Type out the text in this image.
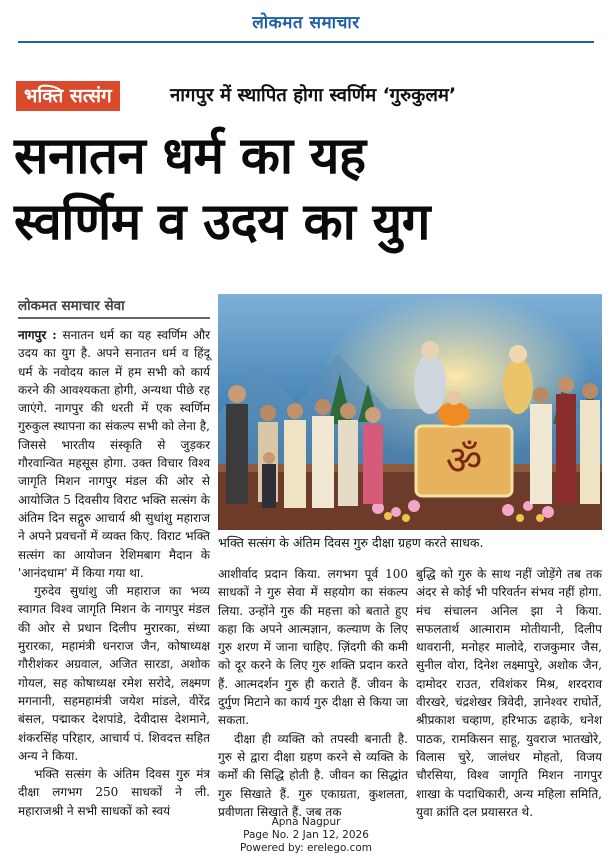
लोकमत समाचार
भक्ति सत्संग	नागपुर में स्थापित होगा स्वर्णिम ‘गुरुकुलम’
सनातन धर्म का यह
स्वर्णिम व उदय का युग
लोकमत समाचार सेवा

नागपुर : सनातन धर्म का यह स्वर्णिम और उदय का युग है. अपने सनातन धर्म व हिंदू धर्म के नवोदय काल में हम सभी को कार्य करने की आवश्यकता होगी, अन्यथा पीछे रह जाएंगे. नागपुर की धरती में एक स्वर्णिम गुरुकुल स्थापना का संकल्प सभी को लेना है, जिससे भारतीय संस्कृति से जुड़कर गौरवान्वित महसूस होगा. उक्त विचार विश्व जागृति मिशन नागपुर मंडल की ओर से आयोजित 5 दिवसीय विराट भक्ति सत्संग के अंतिम दिन सद्गुरु आचार्य श्री सुधांशु महाराज ने अपने प्रवचनों में व्यक्त किए. विराट भक्ति सत्संग का आयोजन रेशिमबाग मैदान के 'आनंदधाम' में किया गया था.

गुरुदेव सुधांशु जी महाराज का भव्य स्वागत विश्व जागृति मिशन के नागपुर मंडल की ओर से प्रधान दिलीप मुरारका, संध्या मुरारका, महामंत्री धनराज जैन, कोषाध्यक्ष गौरीशंकर अग्रवाल, अजित सारडा, अशोक गोयल, सह कोषाध्यक्ष रमेश सरोदे, लक्ष्मण मगनानी, सहमहामंत्री जयेश मांडले, वीरेंद्र बंसल, पद्माकर देशपांडे, देवीदास देशमाने, शंकरसिंह परिहार, आचार्य पं. शिवदत्त सहित अन्य ने किया.

भक्ति सत्संग के अंतिम दिवस गुरु मंत्र दीक्षा लगभग 250 साधकों ने ली. महाराजश्री ने सभी साधकों को स्वयं

ॐ
भक्ति सत्संग के अंतिम दिवस गुरु दीक्षा ग्रहण करते साधक.

आशीर्वाद प्रदान किया. लगभग पूर्व 100 साधकों ने गुरु सेवा में सहयोग का संकल्प लिया. उन्होंने गुरु की महत्ता को बताते हुए कहा कि अपने आत्मज्ञान, कल्याण के लिए गुरु शरण में जाना चाहिए. ज़िंदगी की कमी को दूर करने के लिए गुरु शक्ति प्रदान करते हैं. आत्मदर्शन गुरु ही कराते हैं. जीवन के दुर्गुण मिटाने का कार्य गुरु दीक्षा से किया जा सकता.

दीक्षा ही व्यक्ति को तपस्वी बनाती है. गुरु से द्वारा दीक्षा ग्रहण करने से व्यक्ति के कर्मों की सिद्धि होती है. जीवन का सिद्धांत गुरु सिखाते हैं. गुरु एकाग्रता, कुशलता, प्रवीणता सिखाते हैं. जब तक

बुद्धि को गुरु के साथ नहीं जोड़ेंगे तब तक अंदर से कोई भी परिवर्तन संभव नहीं होगा. मंच संचालन अनिल झा ने किया. सफलतार्थ आत्माराम मोतीयानी, दिलीप थावरानी, मनोहर मालोदे, राजकुमार जैस, सुनील वोरा, दिनेश लक्ष्मापुरे, अशोक जैन, दामोदर राउत, रविशंकर मिश्र, शरदराव वीरखरे, चंद्रशेखर त्रिवेदी, ज्ञानेश्वर राघोर्ते, श्रीप्रकाश चव्हाण, हरिभाऊ ढहाके, धनेश पाठक, रामकिसन साहू, युवराज भातखोरे, विलास चुरे, जालंधर मोहतो, विजय चौरसिया, विश्व जागृति मिशन नागपुर शाखा के पदाधिकारी, अन्य महिला समिति, युवा क्रांति दल प्रयासरत थे.

Apna Nagpur
Page No. 2 Jan 12, 2026
Powered by: erelego.com
